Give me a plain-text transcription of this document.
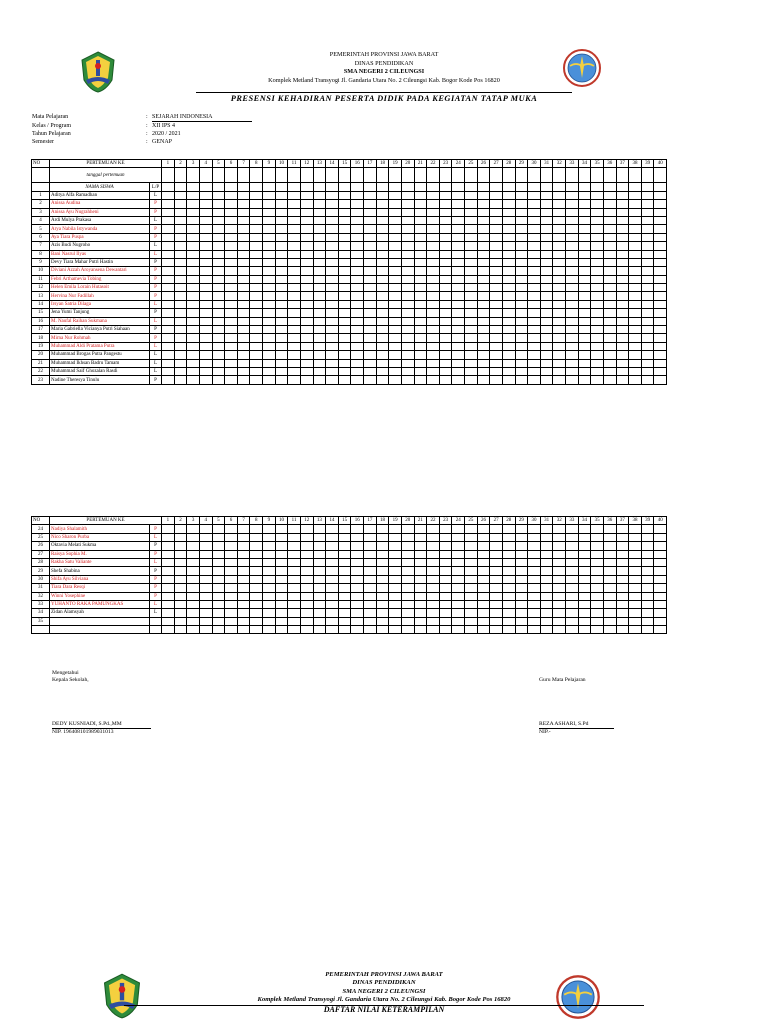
PEMERINTAH PROVINSI JAWA BARAT
DINAS PENDIDIKAN
SMA NEGERI 2 CILEUNGSI
Komplek Metland Transyogi Jl. Gandaria Utara No. 2 Cileungsi Kab. Bogor Kode Pos 16820
PRESENSI KEHADIRAN PESERTA DIDIK PADA KEGIATAN TATAP MUKA
Mata Pelajaran	: SEJARAH INDONESIA
Kelas / Program	: XII IPS 4
Tahun Pelajaran	: 2020 / 2021
Semester	: GENAP
NO	PERTEMUAN KE		1	2	3	4	5	6	7	8	9	10	11	12	13	14	15	16	17	18	19	20	21	22	23	24	25	26	27	28	29	30	31	32	33	34	35	36	37	38	39	40
	tanggal pertemuan																																									
	NAMA SISWA	L/P																																								
1	Aditya Alfa Ramadhan	L																																								
2	Anissa Audina	P																																								
3	Anissa Ayu Nugrahheni	P																																								
4	Ardi Mulya Prakasa	L																																								
5	Arya Nabila Istywanda	P																																								
6	Aya Tiara Puspa	P																																								
7	Azis Budi Nugroho	L																																								
8	Bani Nasrul Ilyas	L																																								
9	Devy Tiara Mahar Putri Hastin	P																																								
10	Diviani Azzah Aroyansena Dewantari	P																																								
11	Febri Arthamevia Tobing	P																																								
12	Helen Emila Lorain Hutasoit	P																																								
13	Hervina Nur Fadillah	P																																								
14	Irsyan Satria Dilaga	L																																								
15	Jena Yumi Tanjung	P																																								
16	M. Naufal Raihan Sukmana	L																																								
17	Maria Gabriella Vicianya Putri Siahaan	P																																								
18	Mirna Nur Rohmah	P																																								
19	Muhammad Aldi Pratama Putra	L																																								
20	Muhammad Brogas Putra Pangestu	L																																								
21	Muhammad Ikhsan Badru Tamam	L																																								
22	Muhammad Saif Ghozalan Rasdi	L																																								
23	Nadine Theresya Tinulu	P																																								
NO	PERTEMUAN KE		1	2	3	4	5	6	7	8	9	10	11	12	13	14	15	16	17	18	19	20	21	22	23	24	25	26	27	28	29	30	31	32	33	34	35	36	37	38	39	40
24	Nadiya Shalamith	P																																								
25	Nico Sharon Purba	L																																								
26	Oktavia Melati Sukma	P																																								
27	Raisya Sophia M.	P																																								
28	Rakha Satu Valiante	L																																								
29	Shefa Shabina	P																																								
30	Shifa Ayu Silviana	P																																								
31	Tiara Dara Resqi	P																																								
32	Winni Yosephine	P																																								
33	YUHANTO RAKA PAMUNGKAS	L																																								
34	Zidan Alamsyah	L																																								
35																																										

Mengetahui
Kepala Sekolah,
DEDY KUSNIADI, S.Pd.,MM
NIP. 196408101989031013
Guru Mata Pelajaran
REZA ASHARI, S.Pd
NIP.-
PEMERINTAH PROVINSI JAWA BARAT
DINAS PENDIDIKAN
SMA NEGERI 2 CILEUNGSI
Komplek Metland Transyogi Jl. Gandaria Utara No. 2 Cileungsi Kab. Bogor Kode Pos 16820
DAFTAR NILAI KETERAMPILAN
